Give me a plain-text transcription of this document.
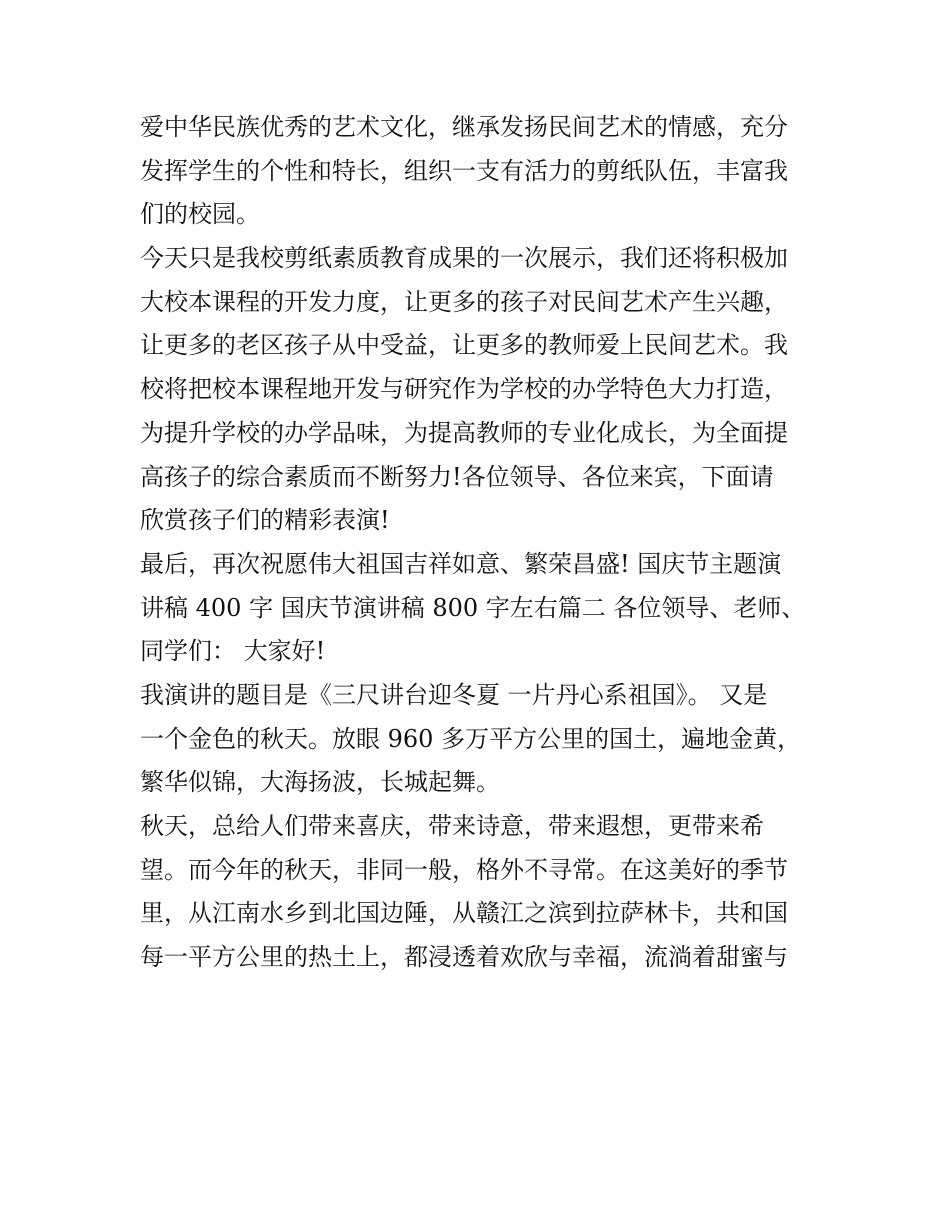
爱中华民族优秀的艺术文化，继承发扬民间艺术的情感，充分
发挥学生的个性和特长，组织一支有活力的剪纸队伍，丰富我
们的校园。
今天只是我校剪纸素质教育成果的一次展示，我们还将积极加
大校本课程的开发力度，让更多的孩子对民间艺术产生兴趣，
让更多的老区孩子从中受益，让更多的教师爱上民间艺术。我
校将把校本课程地开发与研究作为学校的办学特色大力打造，
为提升学校的办学品味，为提高教师的专业化成长，为全面提
高孩子的综合素质而不断努力!各位领导、各位来宾，下面请
欣赏孩子们的精彩表演!
最后，再次祝愿伟大祖国吉祥如意、繁荣昌盛! 国庆节主题演
讲稿 400 字 国庆节演讲稿 800 字左右篇二 各位领导、老师、
同学们： 大家好!
我演讲的题目是《三尺讲台迎冬夏 一片丹心系祖国》。 又是
一个金色的秋天。放眼 960 多万平方公里的国土，遍地金黄，
繁华似锦，大海扬波，长城起舞。
秋天，总给人们带来喜庆，带来诗意，带来遐想，更带来希
望。而今年的秋天，非同一般，格外不寻常。在这美好的季节
里，从江南水乡到北国边陲，从赣江之滨到拉萨林卡，共和国
每一平方公里的热土上，都浸透着欢欣与幸福，流淌着甜蜜与
